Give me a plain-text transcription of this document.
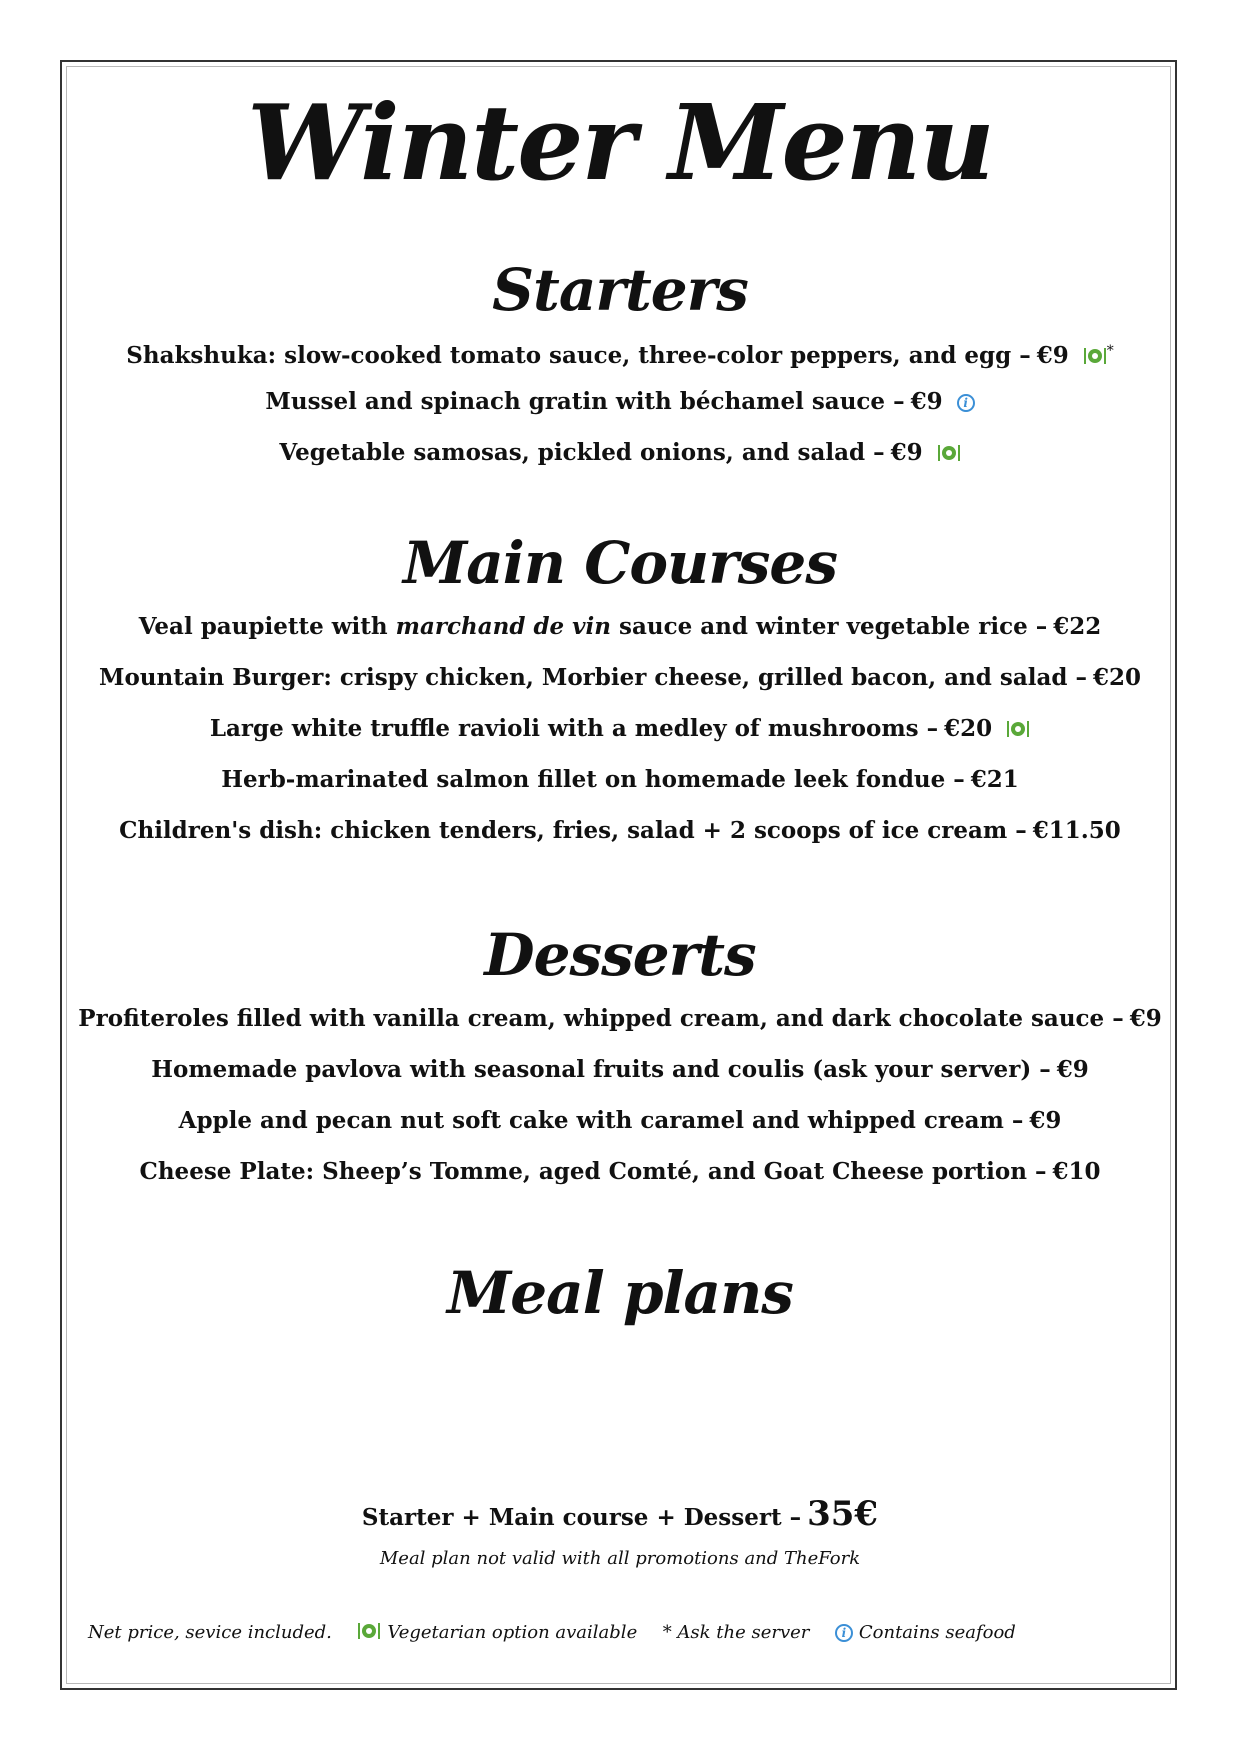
Winter Menu
Starters
Shakshuka: slow-cooked tomato sauce, three-color peppers, and egg – €9	*
Mussel and spinach gratin with béchamel sauce – €9 i
Vegetable samosas, pickled onions, and salad – €9
Main Courses
Veal paupiette with marchand de vin sauce and winter vegetable rice – €22
Mountain Burger: crispy chicken, Morbier cheese, grilled bacon, and salad – €20
Large white truffle ravioli with a medley of mushrooms – €20
Herb-marinated salmon fillet on homemade leek fondue – €21
Children's dish: chicken tenders, fries, salad + 2 scoops of ice cream – €11.50
Desserts
Profiteroles filled with vanilla cream, whipped cream, and dark chocolate sauce – €9
Homemade pavlova with seasonal fruits and coulis (ask your server) – €9
Apple and pecan nut soft cake with caramel and whipped cream – €9
Cheese Plate: Sheep’s Tomme, aged Comté, and Goat Cheese portion – €10
Meal plans
Starter + Main course + Dessert – 35€
Meal plan not valid with all promotions and TheFork
Net price, sevice included.	Vegetarian option available * Ask the server	i Contains seafood
